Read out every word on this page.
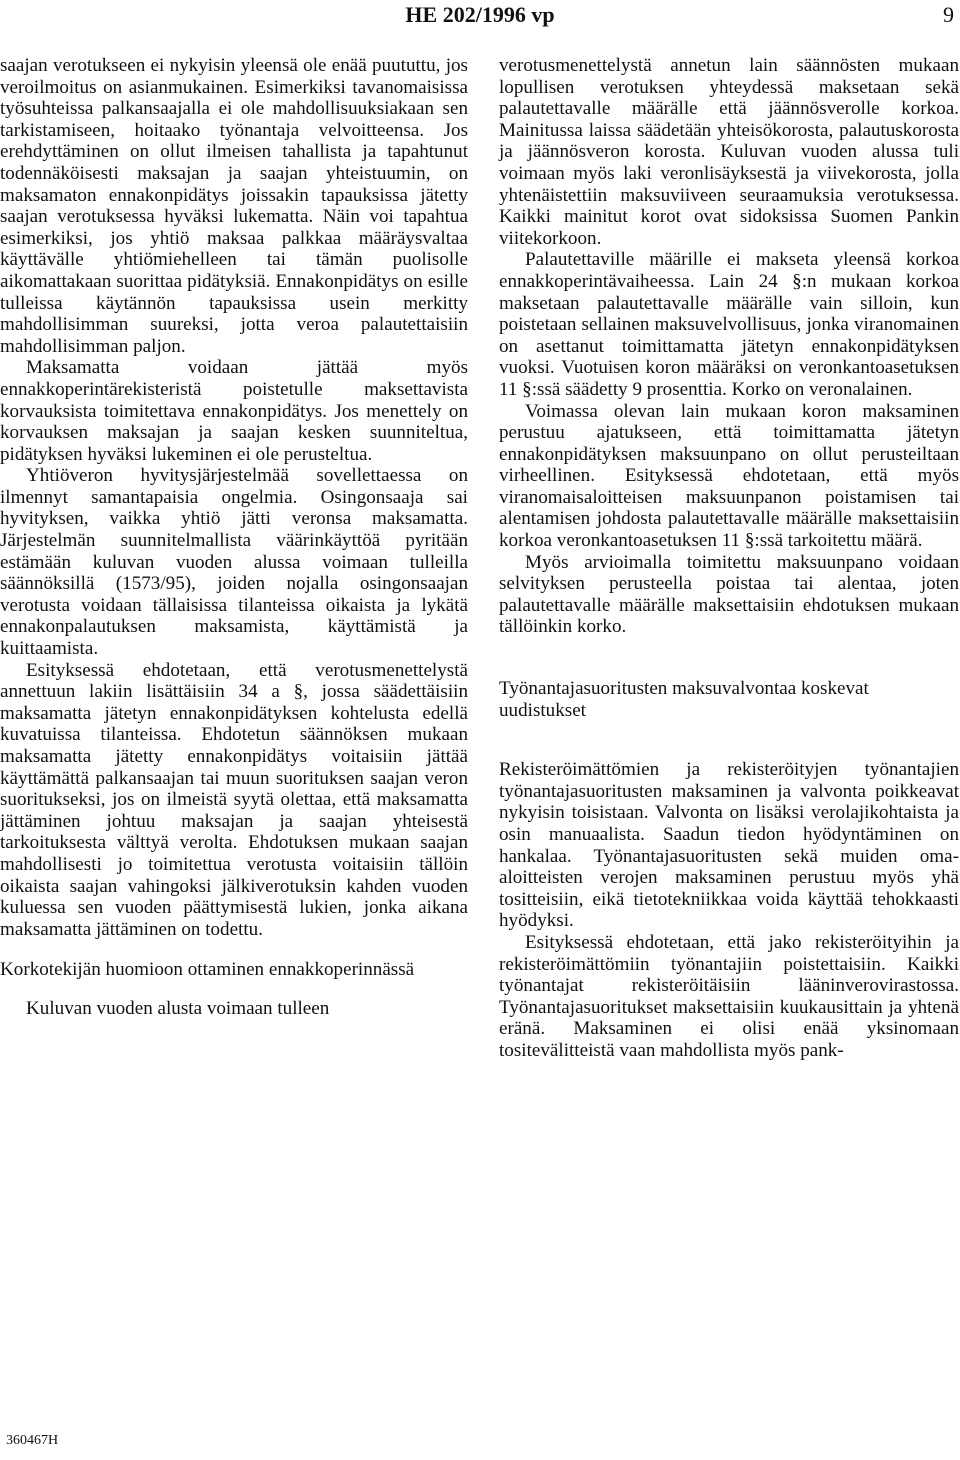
HE 202/1996 vp	9

saajan verotukseen ei nykyisin yleensä ole enää puututtu, jos veroilmoitus on asianmukainen. Esimerkiksi tavanomaisissa työsuhteissa palkansaajalla ei ole mahdollisuuksiakaan sen tarkistamiseen, hoitaako työnantaja velvoitteensa. Jos erehdyttäminen on ollut ilmeisen tahallista ja tapahtunut todennäköisesti maksajan ja saajan yhteistuumin, on maksamaton ennakonpidätys joissakin tapauksissa jätetty saajan verotuksessa hyväksi lukematta. Näin voi tapahtua esimerkiksi, jos yhtiö maksaa palkkaa määräysvaltaa käyttävälle yhtiömiehelleen tai tämän puolisolle aikomattakaan suorittaa pidätyksiä. Ennakonpidätys on esille tulleissa käytännön tapauksissa usein merkitty mahdollisimman suureksi, jotta veroa palautettaisiin mahdollisimman paljon.

Maksamatta voidaan jättää myös ennakkoperintärekisteristä poistetulle maksettavista korvauksista toimitettava ennakonpidätys. Jos menettely on korvauksen maksajan ja saajan kesken suunniteltua, pidätyksen hyväksi lukeminen ei ole perusteltua.

Yhtiöveron hyvitysjärjestelmää sovellettaessa on ilmennyt samantapaisia ongelmia. Osingonsaaja sai hyvityksen, vaikka yhtiö jätti veronsa maksamatta. Järjestelmän suunnitelmallista väärinkäyttöä pyritään estämään kuluvan vuoden alussa voimaan tulleilla säännöksillä (1573/95), joiden nojalla osingonsaajan verotusta voidaan tällaisissa tilanteissa oikaista ja lykätä ennakonpalautuksen maksamista, käyttämistä ja kuittaamista.

Esityksessä ehdotetaan, että verotusmenettelystä annettuun lakiin lisättäisiin 34 a §, jossa säädettäisiin maksamatta jätetyn ennakonpidätyksen kohtelusta edellä kuvatuissa tilanteissa. Ehdotetun säännöksen mukaan maksamatta jätetty ennakonpidätys voitaisiin jättää käyttämättä palkansaajan tai muun suorituksen saajan veron suoritukseksi, jos on ilmeistä syytä olettaa, että maksamatta jättäminen johtuu maksajan ja saajan yhteisestä tarkoituksesta välttyä verolta. Ehdotuksen mukaan saajan mahdollisesti jo toimitettua verotusta voitaisiin tällöin oikaista saajan vahingoksi jälkiverotuksin kahden vuoden kuluessa sen vuoden päättymisestä lukien, jonka aikana maksamatta jättäminen on todettu.

Korkotekijän huomioon ottaminen ennakkoperinnässä

Kuluvan vuoden alusta voimaan tulleen

verotusmenettelystä annetun lain säännösten mukaan lopullisen verotuksen yhteydessä maksetaan sekä palautettavalle määrälle että jäännösverolle korkoa. Mainitussa laissa säädetään yhteisökorosta, palautuskorosta ja jäännösveron korosta. Kuluvan vuoden alussa tuli voimaan myös laki veronlisäyksestä ja viivekorosta, jolla yhtenäistettiin maksuviiveen seuraamuksia verotuksessa. Kaikki mainitut korot ovat sidoksissa Suomen Pankin viitekorkoon.

Palautettaville määrille ei makseta yleensä korkoa ennakkoperintävaiheessa. Lain 24 §:n mukaan korkoa maksetaan palautettavalle määrälle vain silloin, kun poistetaan sellainen maksuvelvollisuus, jonka viranomainen on asettanut toimittamatta jätetyn ennakonpidätyksen vuoksi. Vuotuisen koron määräksi on veronkantoasetuksen 11 §:ssä säädetty 9 prosenttia. Korko on veronalainen.

Voimassa olevan lain mukaan koron maksaminen perustuu ajatukseen, että toimittamatta jätetyn ennakonpidätyksen maksuunpano on ollut perusteiltaan virheellinen. Esityksessä ehdotetaan, että myös viranomaisaloitteisen maksuunpanon poistamisen tai alentamisen johdosta palautettavalle määrälle maksettaisiin korkoa veronkantoasetuksen 11 §:ssä tarkoitettu määrä.

Myös arvioimalla toimitettu maksuunpano voidaan selvityksen perusteella poistaa tai alentaa, joten palautettavalle määrälle maksettaisiin ehdotuksen mukaan tällöinkin korko.

Työnantajasuoritusten maksuvalvontaa koskevat uudistukset

Rekisteröimättömien ja rekisteröityjen työnantajien työnantajasuoritusten maksaminen ja valvonta poikkeavat nykyisin toisistaan. Valvonta on lisäksi verolajikohtaista ja osin manuaalista. Saadun tiedon hyödyntäminen on hankalaa. Työnantajasuoritusten sekä muiden oma-aloitteisten verojen maksaminen perustuu myös yhä tositteisiin, eikä tietotekniikkaa voida käyttää tehokkaasti hyödyksi.

Esityksessä ehdotetaan, että jako rekisteröityihin ja rekisteröimättömiin työnantajiin poistettaisiin. Kaikki työnantajat rekisteröitäisiin lääninverovirastossa. Työnantajasuoritukset maksettaisiin kuukausittain ja yhtenä eränä. Maksaminen ei olisi enää yksinomaan tositevälitteistä vaan mahdollista myös pank-

360467H
